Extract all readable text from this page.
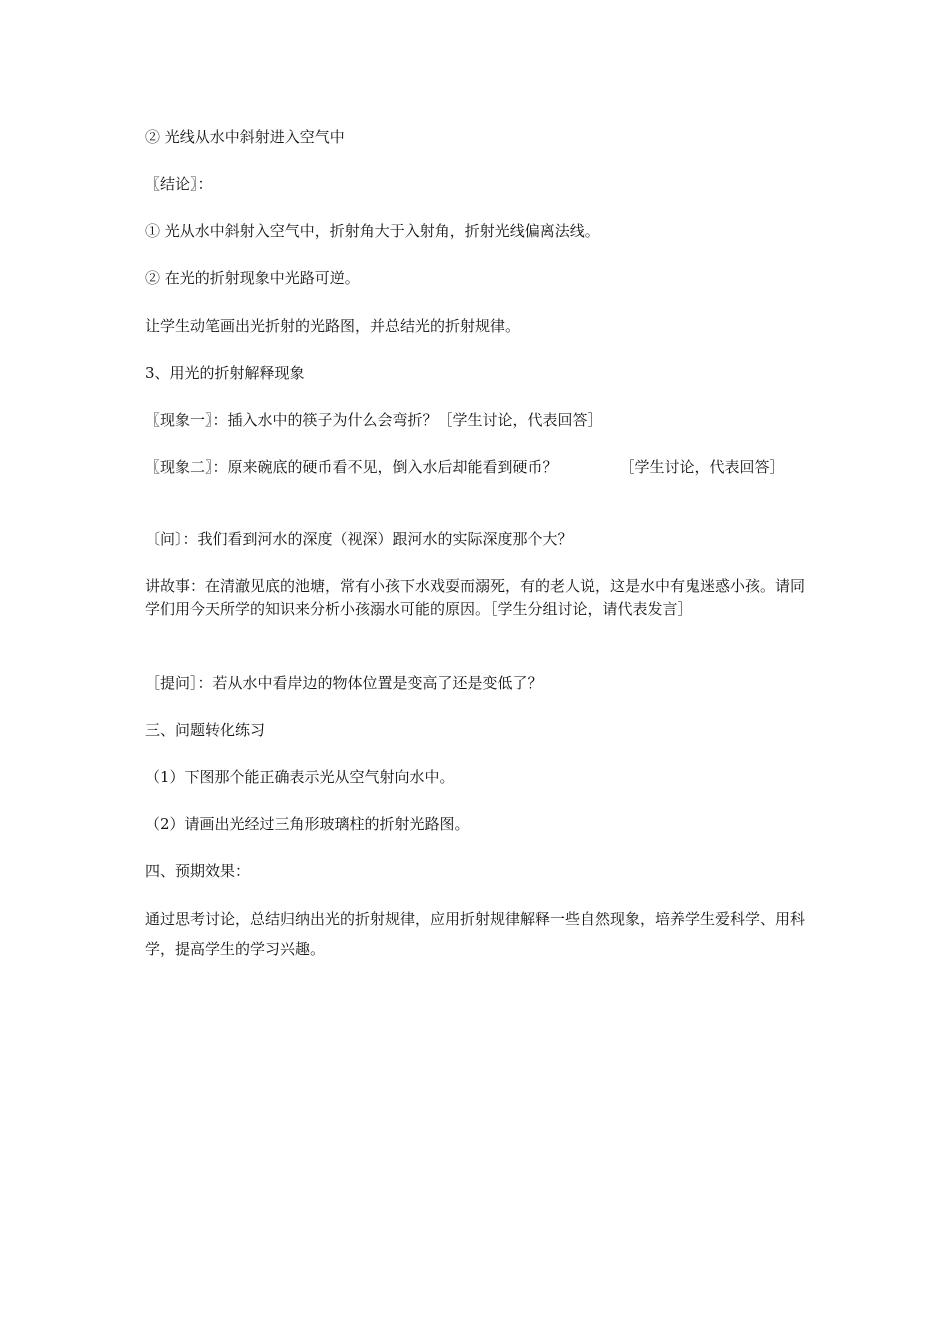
② 光线从水中斜射进入空气中

〖结论〗：

① 光从水中斜射入空气中，折射角大于入射角，折射光线偏离法线。

② 在光的折射现象中光路可逆。

让学生动笔画出光折射的光路图，并总结光的折射规律。

3、用光的折射解释现象

〖现象一〗：插入水中的筷子为什么会弯折？［学生讨论，代表回答］

〖现象二〗：原来碗底的硬币看不见，倒入水后却能看到硬币？	［学生讨论，代表回答］

〔问〕：我们看到河水的深度（视深）跟河水的实际深度那个大？

讲故事：在清澈见底的池塘，常有小孩下水戏耍而溺死，有的老人说，这是水中有鬼迷惑小孩。请同学们用今天所学的知识来分析小孩溺水可能的原因。［学生分组讨论，请代表发言］

［提问］：若从水中看岸边的物体位置是变高了还是变低了？

三、问题转化练习

（1）下图那个能正确表示光从空气射向水中。

（2）请画出光经过三角形玻璃柱的折射光路图。

四、预期效果：

通过思考讨论，总结归纳出光的折射规律，应用折射规律解释一些自然现象，培养学生爱科学、用科学，提高学生的学习兴趣。
